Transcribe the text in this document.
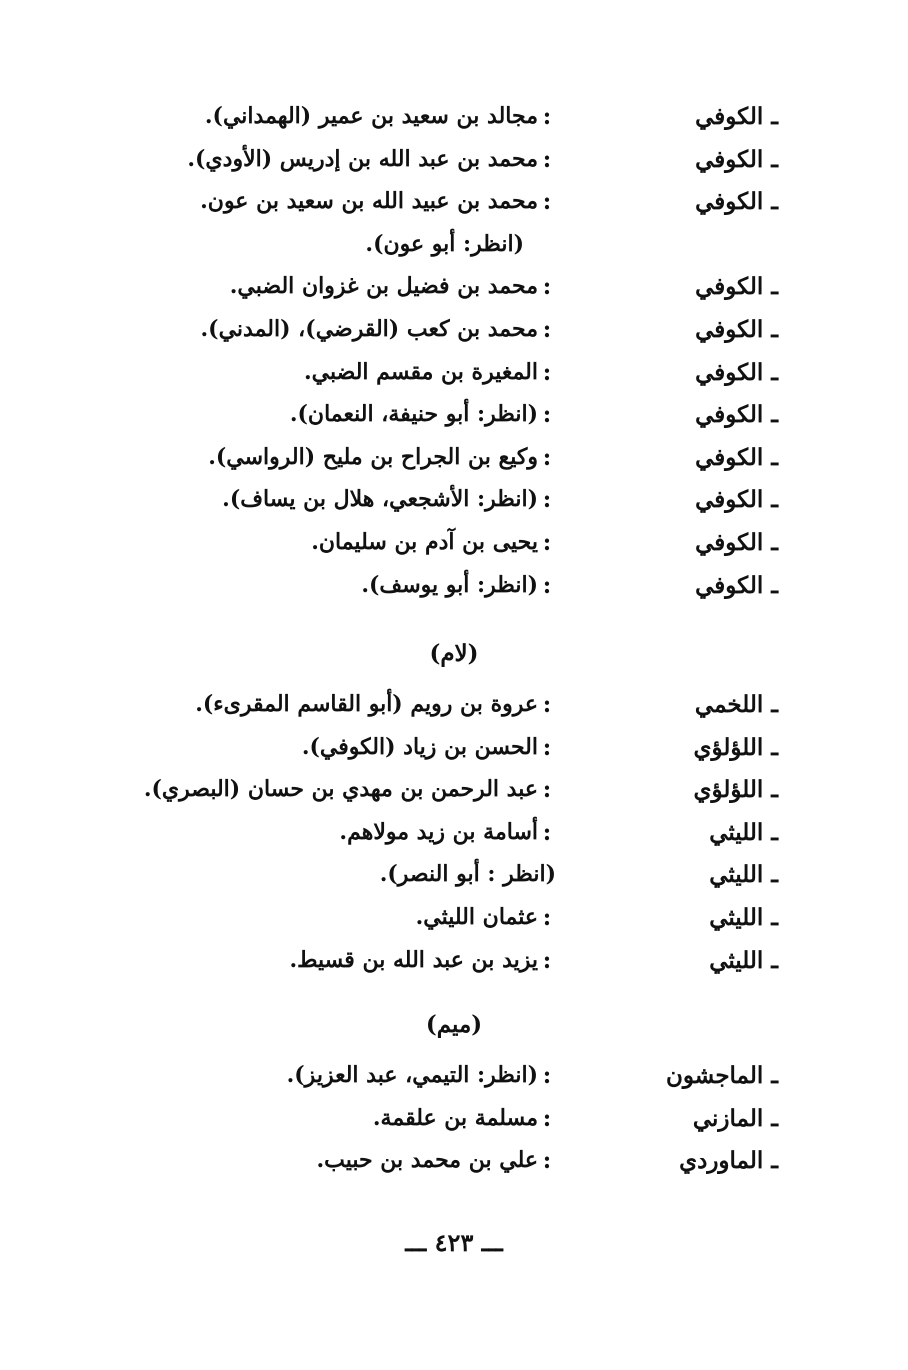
ـ الكوفي
:
مجالد بن سعيد بن عمير (الهمداني).
ـ الكوفي
:
محمد بن عبد الله بن إدريس (الأودي).
ـ الكوفي
:
محمد بن عبيد الله بن سعيد بن عون.
(انظر: أبو عون).
ـ الكوفي
:
محمد بن فضيل بن غزوان الضبي.
ـ الكوفي
:
محمد بن كعب (القرضي)، (المدني).
ـ الكوفي
:
المغيرة بن مقسم الضبي.
ـ الكوفي
:
(انظر: أبو حنيفة، النعمان).
ـ الكوفي
:
وكيع بن الجراح بن مليح (الرواسي).
ـ الكوفي
:
(انظر: الأشجعي، هلال بن يساف).
ـ الكوفي
:
يحيى بن آدم بن سليمان.
ـ الكوفي
:
(انظر: أبو يوسف).
(لام)
ـ اللخمي
:
عروة بن رويم (أبو القاسم المقرىء).
ـ اللؤلؤي
:
الحسن بن زياد (الكوفي).
ـ اللؤلؤي
:
عبد الرحمن بن مهدي بن حسان (البصري).
ـ الليثي
:
أسامة بن زيد مولاهم.
ـ الليثي
(انظر : أبو النصر).
ـ الليثي
:
عثمان الليثي.
ـ الليثي
:
يزيد بن عبد الله بن قسيط.
(ميم)
ـ الماجشون
:
(انظر: التيمي، عبد العزيز).
ـ المازني
:
مسلمة بن علقمة.
ـ الماوردي
:
علي بن محمد بن حبيب.
ـــ ٤٢٣ ـــ
